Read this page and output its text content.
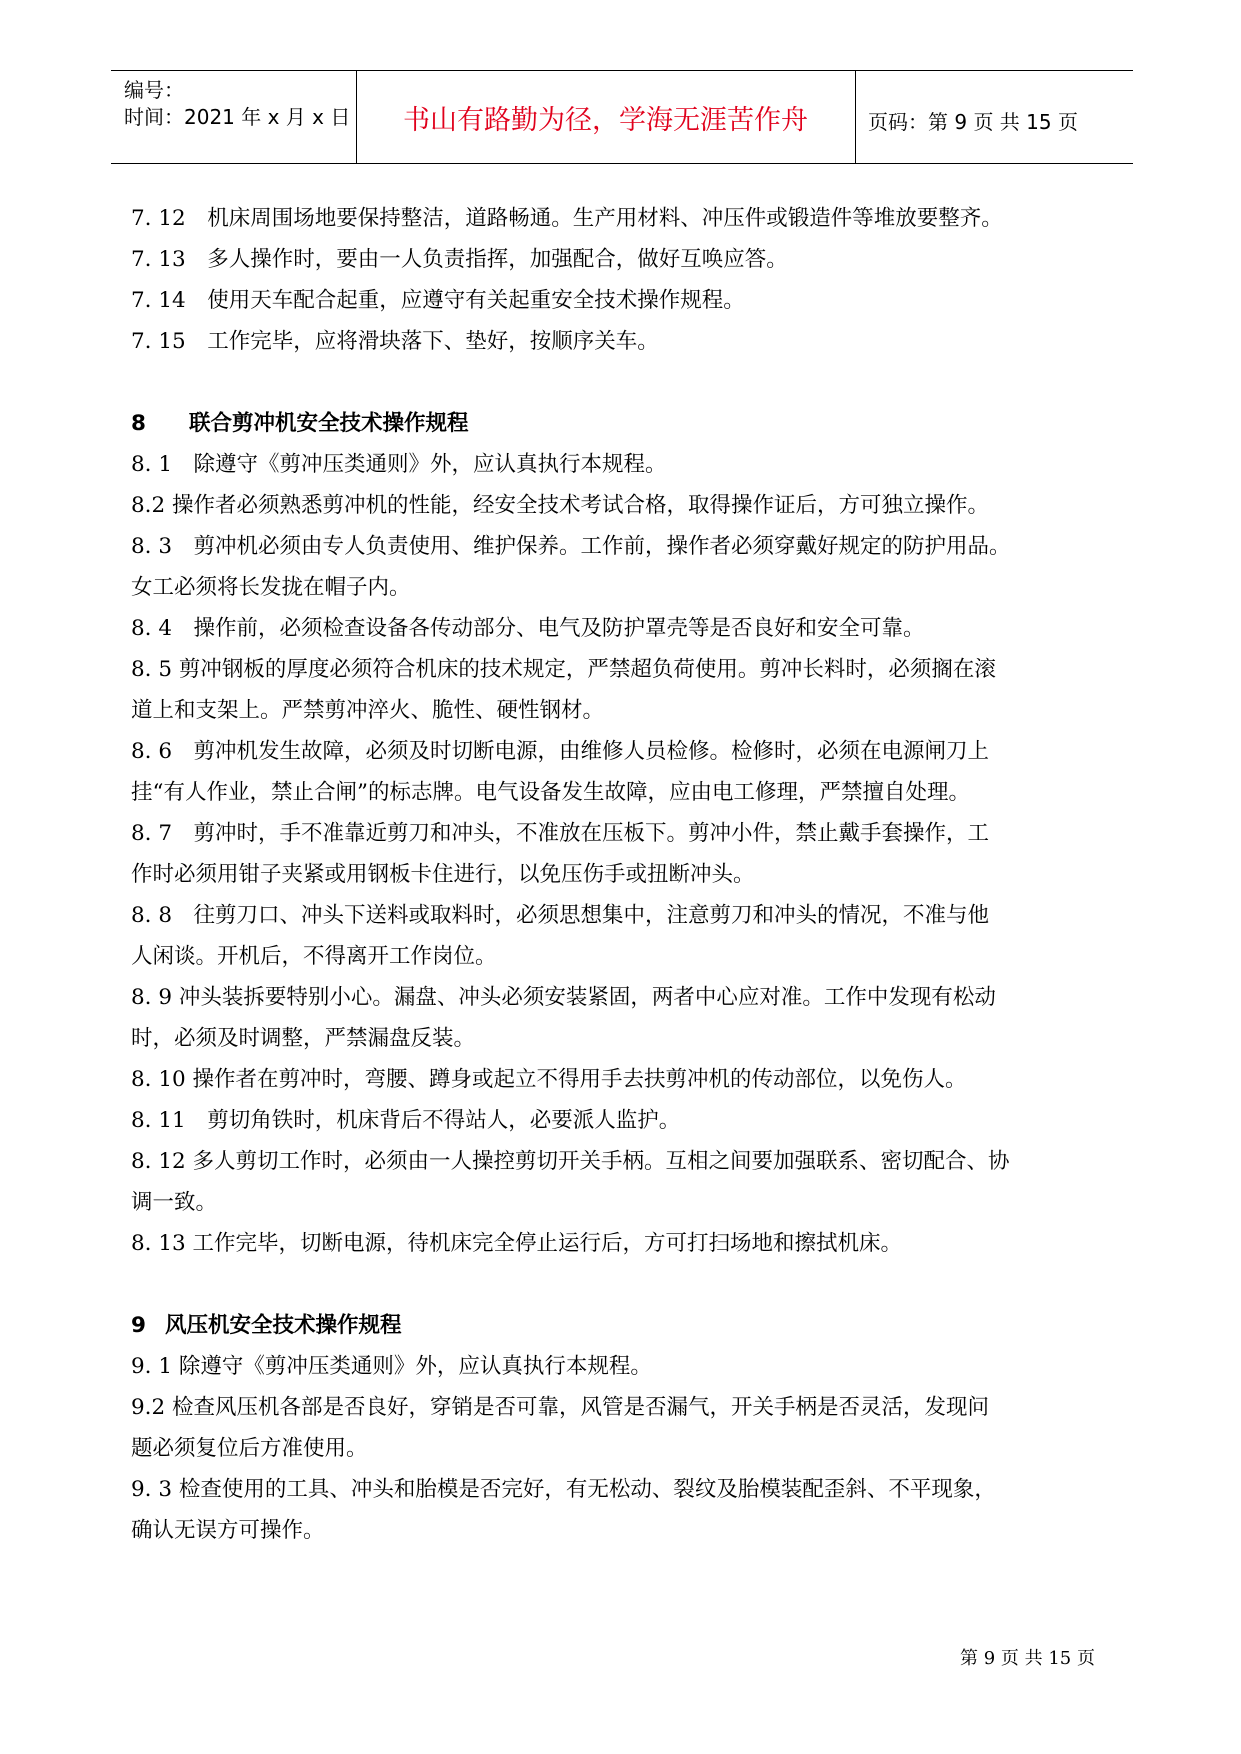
编号：
时间：2021 年 x 月 x 日	书山有路勤为径，学海无涯苦作舟	页码：第 9 页 共 15 页
7. 12　机床周围场地要保持整洁，道路畅通。生产用材料、冲压件或锻造件等堆放要整齐。
7. 13　多人操作时，要由一人负责指挥，加强配合，做好互唤应答。
7. 14　使用天车配合起重，应遵守有关起重安全技术操作规程。
7. 15　工作完毕，应将滑块落下、垫好，按顺序关车。
8 联合剪冲机安全技术操作规程
8. 1　除遵守《剪冲压类通则》外，应认真执行本规程。
8.2 操作者必须熟悉剪冲机的性能，经安全技术考试合格，取得操作证后，方可独立操作。
8. 3　剪冲机必须由专人负责使用、维护保养。工作前，操作者必须穿戴好规定的防护用品。
女工必须将长发拢在帽子内。
8. 4　操作前，必须检查设备各传动部分、电气及防护罩壳等是否良好和安全可靠。
8. 5 剪冲钢板的厚度必须符合机床的技术规定，严禁超负荷使用。剪冲长料时，必须搁在滚
道上和支架上。严禁剪冲淬火、脆性、硬性钢材。
8. 6　剪冲机发生故障，必须及时切断电源，由维修人员检修。检修时，必须在电源闸刀上
挂“有人作业，禁止合闸”的标志牌。电气设备发生故障，应由电工修理，严禁擅自处理。
8. 7　剪冲时，手不准靠近剪刀和冲头，不准放在压板下。剪冲小件，禁止戴手套操作，工
作时必须用钳子夹紧或用钢板卡住进行，以免压伤手或扭断冲头。
8. 8　往剪刀口、冲头下送料或取料时，必须思想集中，注意剪刀和冲头的情况，不准与他
人闲谈。开机后，不得离开工作岗位。
8. 9 冲头装拆要特别小心。漏盘、冲头必须安装紧固，两者中心应对准。工作中发现有松动
时，必须及时调整，严禁漏盘反装。
8. 10 操作者在剪冲时，弯腰、蹲身或起立不得用手去扶剪冲机的传动部位，以免伤人。
8. 11　剪切角铁时，机床背后不得站人，必要派人监护。
8. 12 多人剪切工作时，必须由一人操控剪切开关手柄。互相之间要加强联系、密切配合、协
调一致。
8. 13 工作完毕，切断电源，待机床完全停止运行后，方可打扫场地和擦拭机床。
9 风压机安全技术操作规程
9. 1 除遵守《剪冲压类通则》外，应认真执行本规程。
9.2 检查风压机各部是否良好，穿销是否可靠，风管是否漏气，开关手柄是否灵活，发现问
题必须复位后方准使用。
9. 3 检查使用的工具、冲头和胎模是否完好，有无松动、裂纹及胎模装配歪斜、不平现象，
确认无误方可操作。
第 9 页 共 15 页
